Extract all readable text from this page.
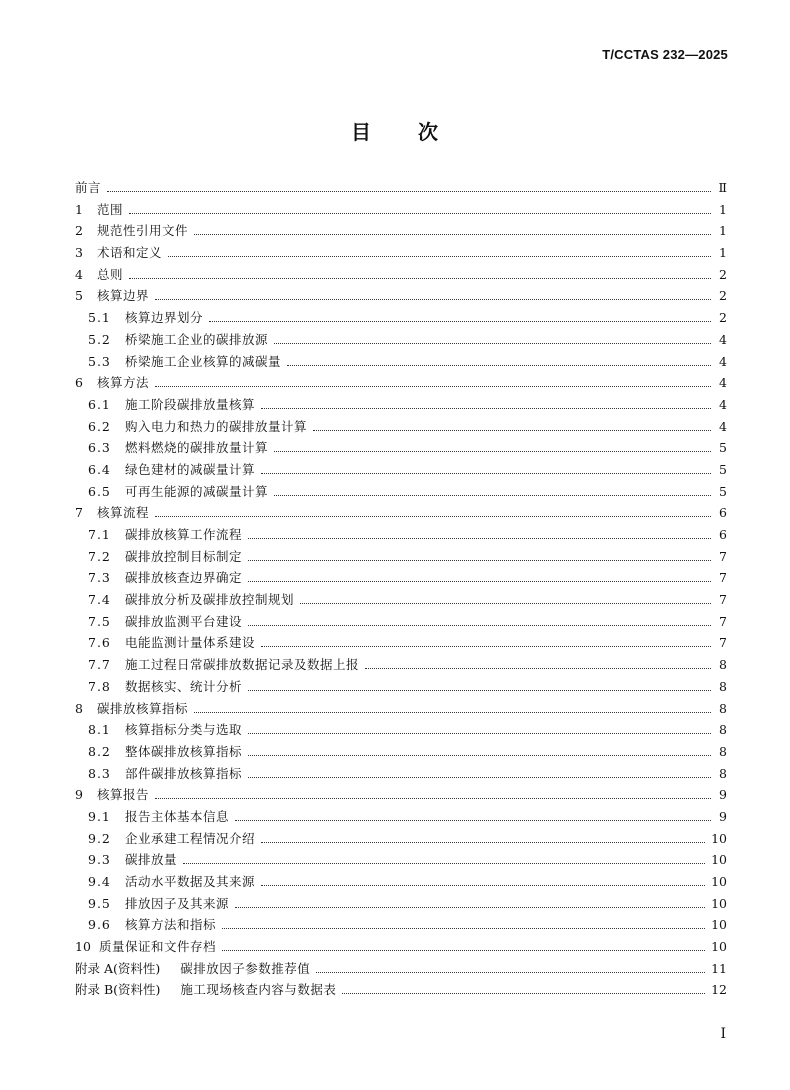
T/CCTAS 232—2025
目 次
前言	Ⅱ
1	范围	1
2	规范性引用文件	1
3	术语和定义	1
4	总则	2
5	核算边界	2
5.1	核算边界划分	2
5.2	桥梁施工企业的碳排放源	4
5.3	桥梁施工企业核算的减碳量	4
6	核算方法	4
6.1	施工阶段碳排放量核算	4
6.2	购入电力和热力的碳排放量计算	4
6.3	燃料燃烧的碳排放量计算	5
6.4	绿色建材的减碳量计算	5
6.5	可再生能源的减碳量计算	5
7	核算流程	6
7.1	碳排放核算工作流程	6
7.2	碳排放控制目标制定	7
7.3	碳排放核查边界确定	7
7.4	碳排放分析及碳排放控制规划	7
7.5	碳排放监测平台建设	7
7.6	电能监测计量体系建设	7
7.7	施工过程日常碳排放数据记录及数据上报	8
7.8	数据核实、统计分析	8
8	碳排放核算指标	8
8.1	核算指标分类与选取	8
8.2	整体碳排放核算指标	8
8.3	部件碳排放核算指标	8
9	核算报告	9
9.1	报告主体基本信息	9
9.2	企业承建工程情况介绍	10
9.3	碳排放量	10
9.4	活动水平数据及其来源	10
9.5	排放因子及其来源	10
9.6	核算方法和指标	10
10 质量保证和文件存档	10
附录 A(资料性) 碳排放因子参数推荐值	11
附录 B(资料性) 施工现场核查内容与数据表	12
I
